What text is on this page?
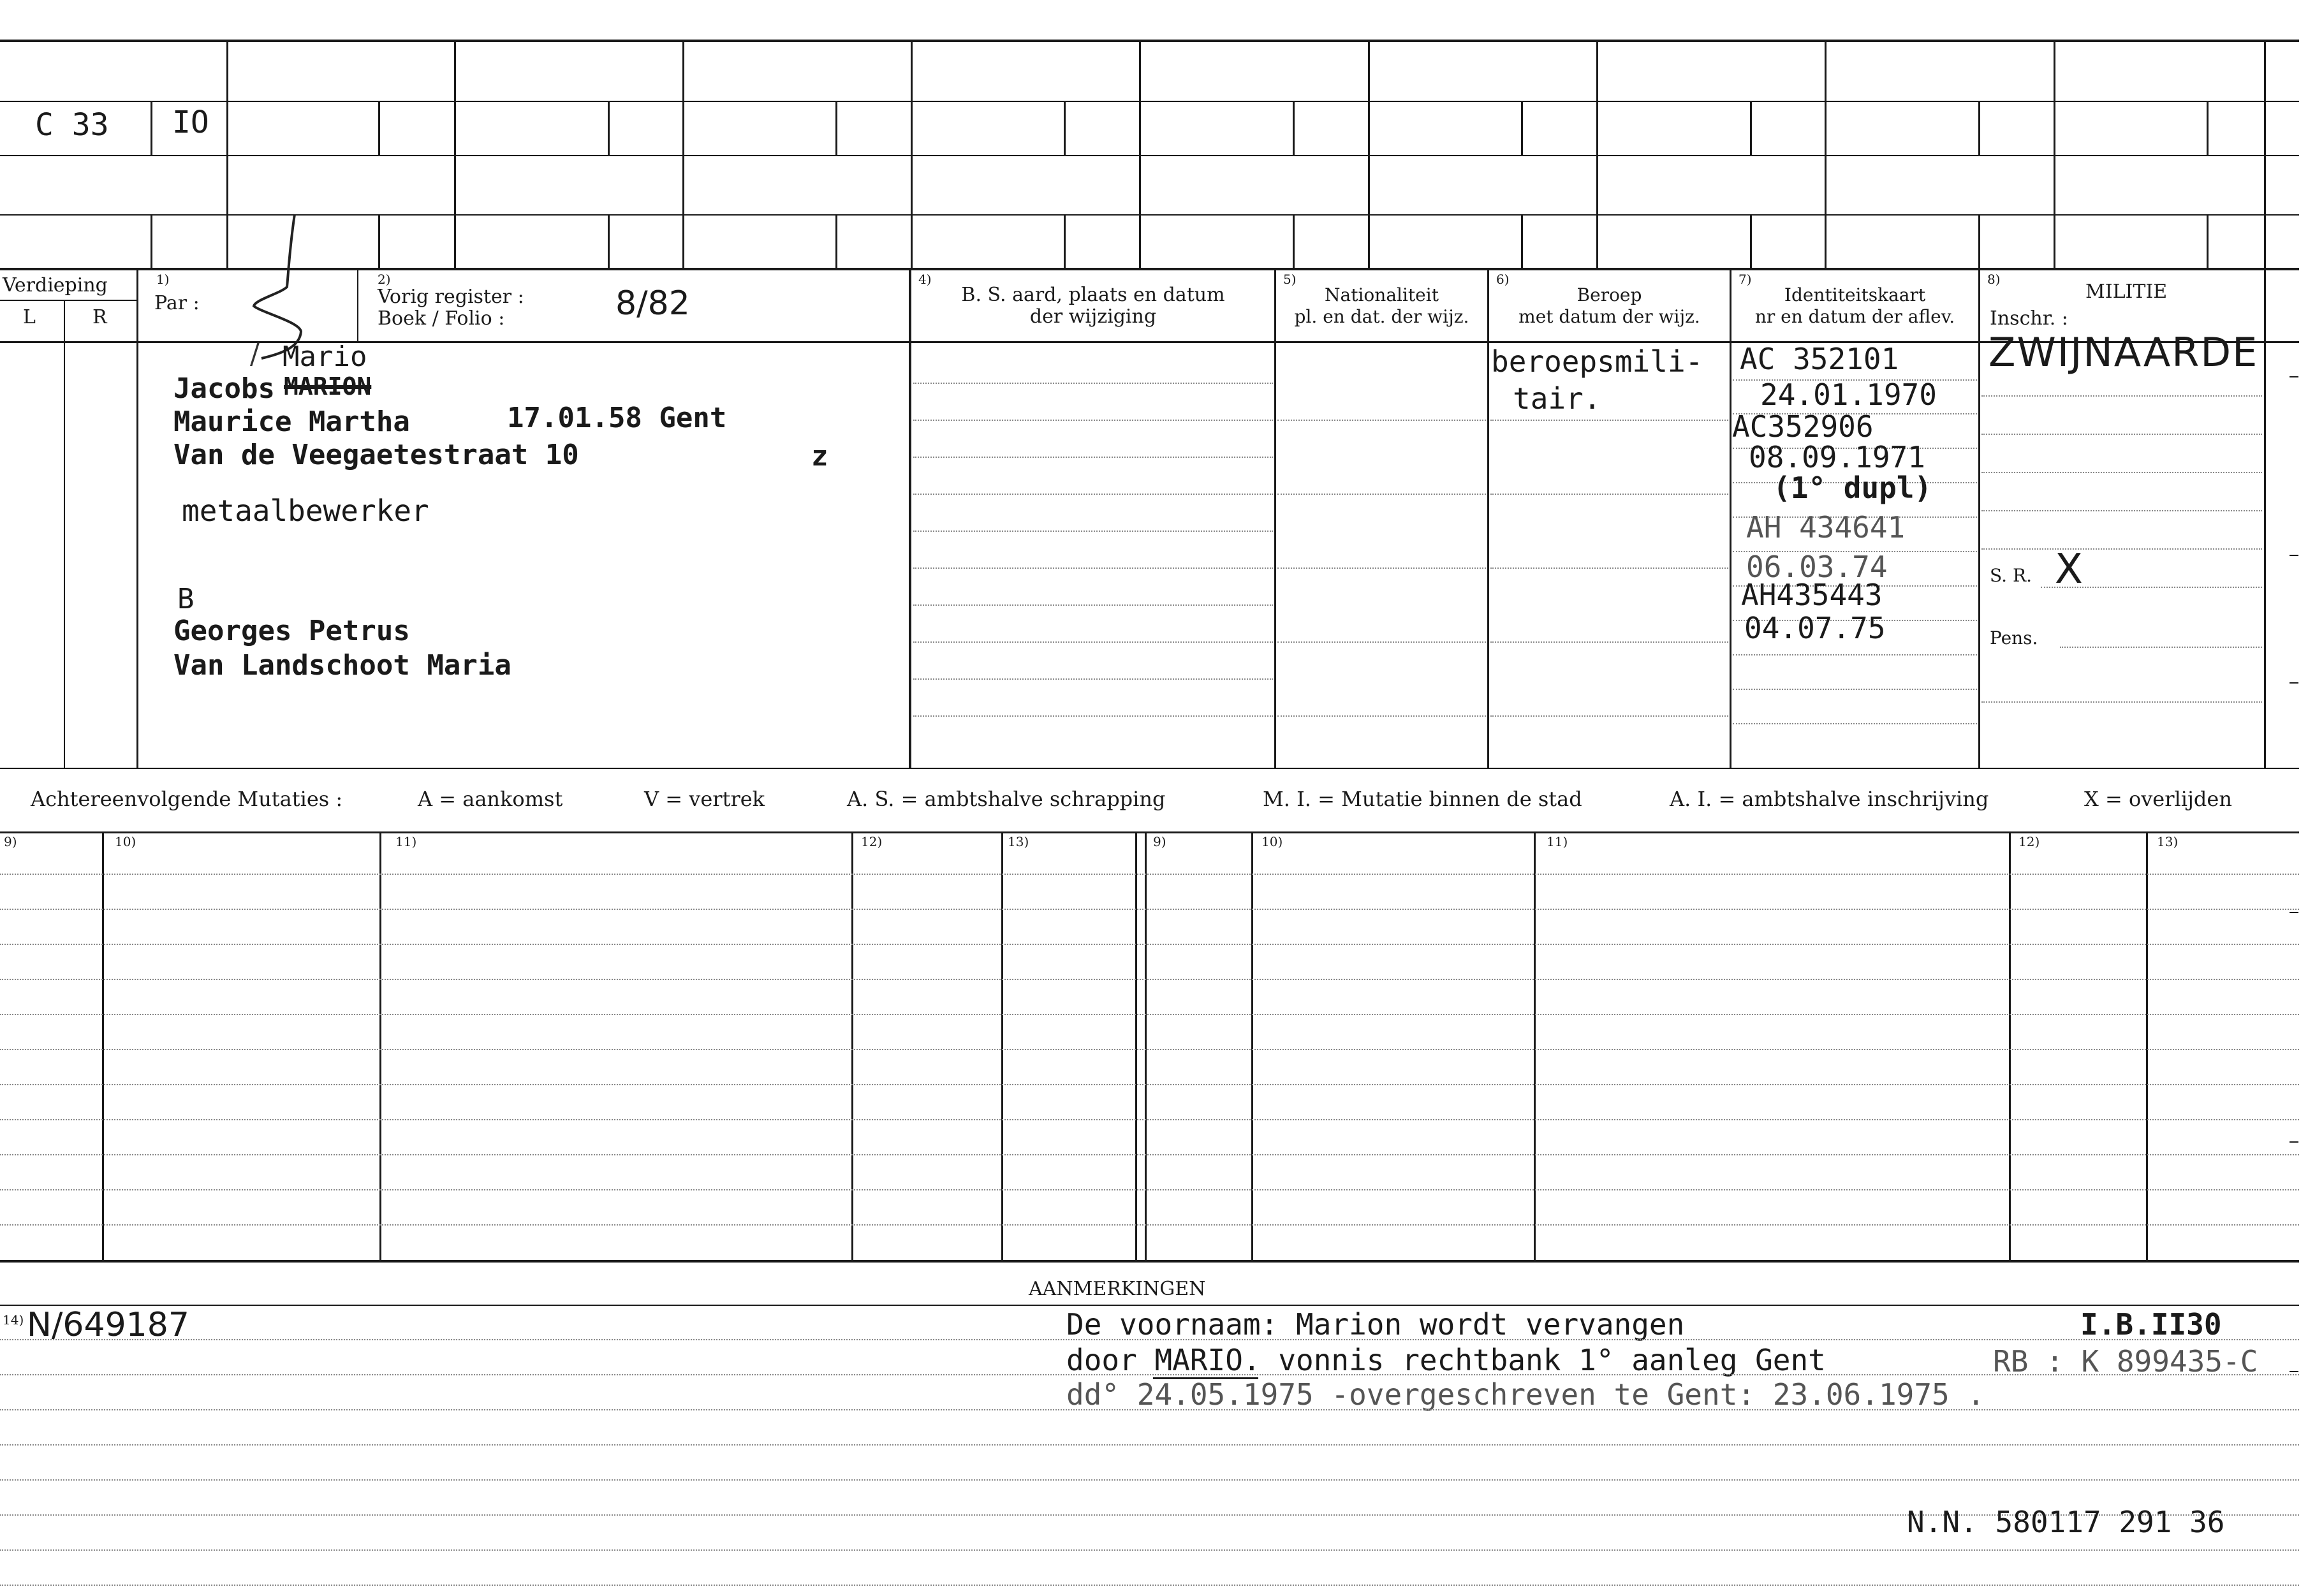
C 33 IO
Verdieping
L	R
1)
Par :
2)
Vorig register :
Boek / Folio :	8/82
4)
B. S. aard, plaats en datum
der wijziging
5)
Nationaliteit
pl. en dat. der wijz.
6)
Beroep
met datum der wijz.
7)
Identiteitskaart
nr en datum der aflev.
8)
MILITIE
Inschr. :
/ Mario
Jacobs MARION
Maurice Martha	17.01.58 Gent
Van de Veegaetestraat 10	z
metaalbewerker
B
Georges Petrus
Van Landschoot Maria
beroepsmili-
tair.
AC 352101
24.01.1970
AC352906
08.09.1971
(1° dupl)
AH 434641
06.03.74
AH435443
04.07.75
ZWIJNAARDE
S. R. X
Pens.
Achtereenvolgende Mutaties :	A = aankomst	V = vertrek	A. S. = ambtshalve schrapping	M. I. = Mutatie binnen de stad	A. I. = ambtshalve inschrijving	X = overlijden
9)	10)	11)	12)	13)	9)	10)	11)	12)	13)
AANMERKINGEN
14) N/649187	De voornaam: Marion wordt vervangen	I.B.II30
door MARIO. vonnis rechtbank 1° aanleg Gent	RB : K 899435-C
dd° 24.05.1975 -overgeschreven te Gent: 23.06.1975 .
N.N. 580117 291 36
